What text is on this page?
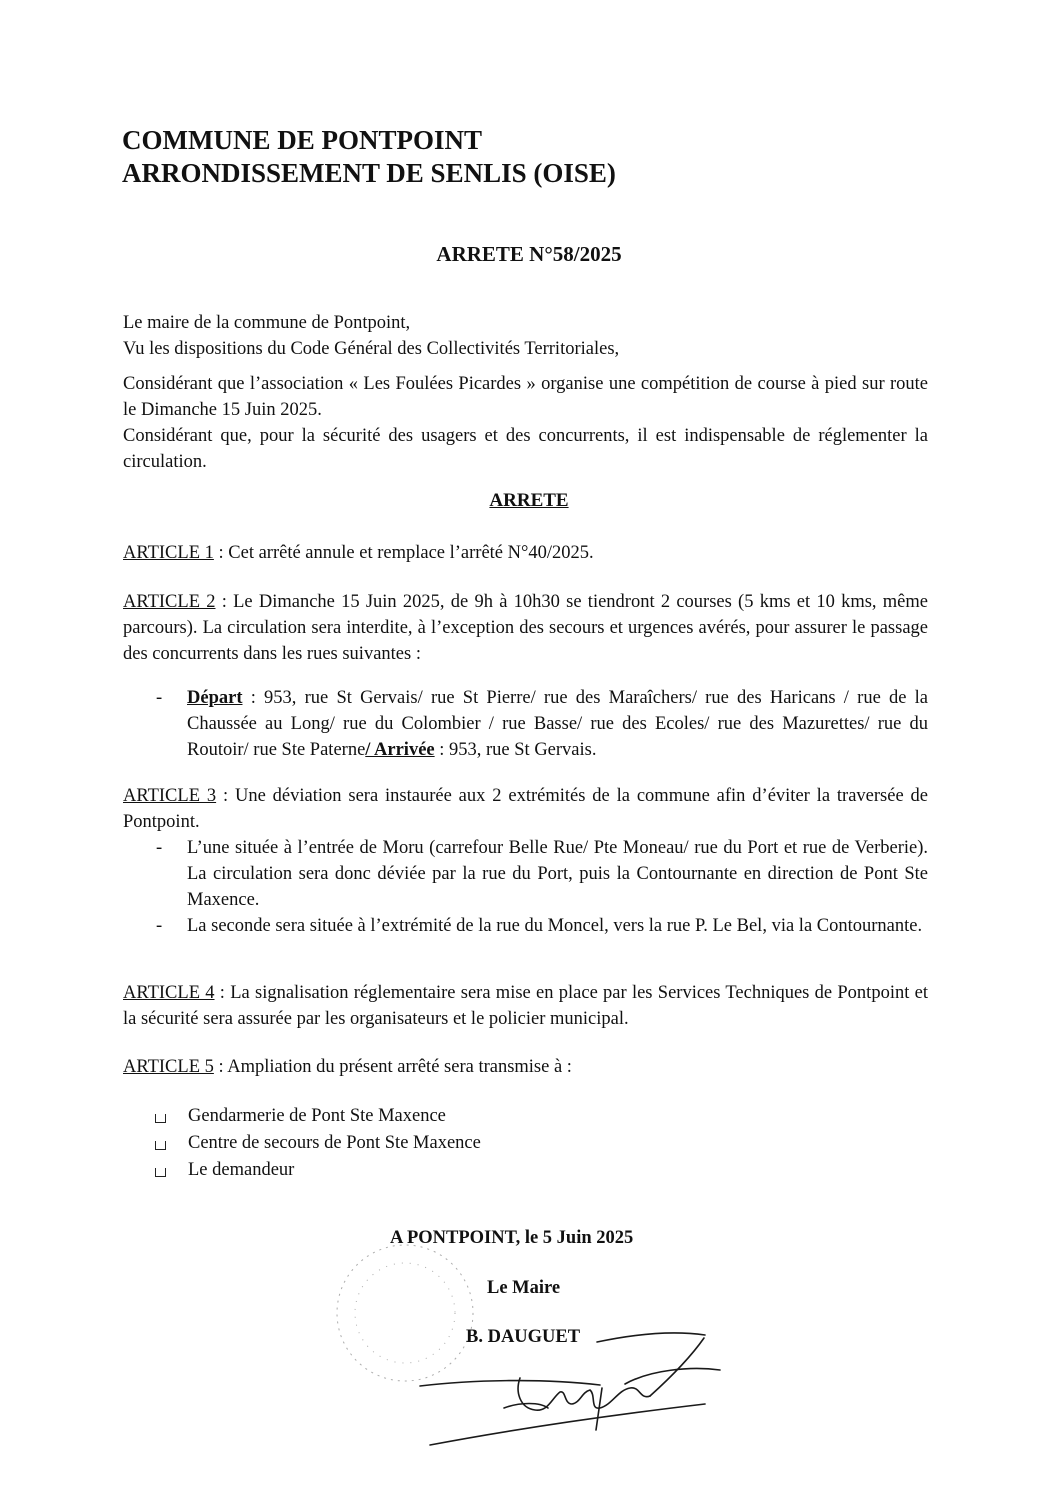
COMMUNE DE PONTPOINT
ARRONDISSEMENT DE SENLIS (OISE)
ARRETE N°58/2025
Le maire de la commune de Pontpoint,
Vu les dispositions du Code Général des Collectivités Territoriales,
Considérant que l’association « Les Foulées Picardes » organise une compétition de course à pied sur route le Dimanche 15 Juin 2025.
Considérant que, pour la sécurité des usagers et des concurrents, il est indispensable de réglementer la circulation.
ARRETE
ARTICLE 1 : Cet arrêté annule et remplace l’arrêté N°40/2025.
ARTICLE 2 : Le Dimanche 15 Juin 2025, de 9h à 10h30 se tiendront 2 courses (5 kms et 10 kms, même parcours). La circulation sera interdite, à l’exception des secours et urgences avérés, pour assurer le passage des concurrents dans les rues suivantes :
- Départ : 953, rue St Gervais/ rue St Pierre/ rue des Maraîchers/ rue des Haricans / rue de la Chaussée au Long/ rue du Colombier / rue Basse/ rue des Ecoles/ rue des Mazurettes/ rue du Routoir/ rue Ste Paterne/ Arrivée : 953, rue St Gervais.
ARTICLE 3 : Une déviation sera instaurée aux 2 extrémités de la commune afin d’éviter la traversée de Pontpoint.
- L’une située à l’entrée de Moru (carrefour Belle Rue/ Pte Moneau/ rue du Port et rue de Verberie). La circulation sera donc déviée par la rue du Port, puis la Contournante en direction de Pont Ste Maxence.
- La seconde sera située à l’extrémité de la rue du Moncel, vers la rue P. Le Bel, via la Contournante.
ARTICLE 4 : La signalisation réglementaire sera mise en place par les Services Techniques de Pontpoint et la sécurité sera assurée par les organisateurs et le policier municipal.
ARTICLE 5 : Ampliation du présent arrêté sera transmise à :
Gendarmerie de Pont Ste Maxence
Centre de secours de Pont Ste Maxence
Le demandeur
A PONTPOINT, le 5 Juin 2025
Le Maire
B. DAUGUET
